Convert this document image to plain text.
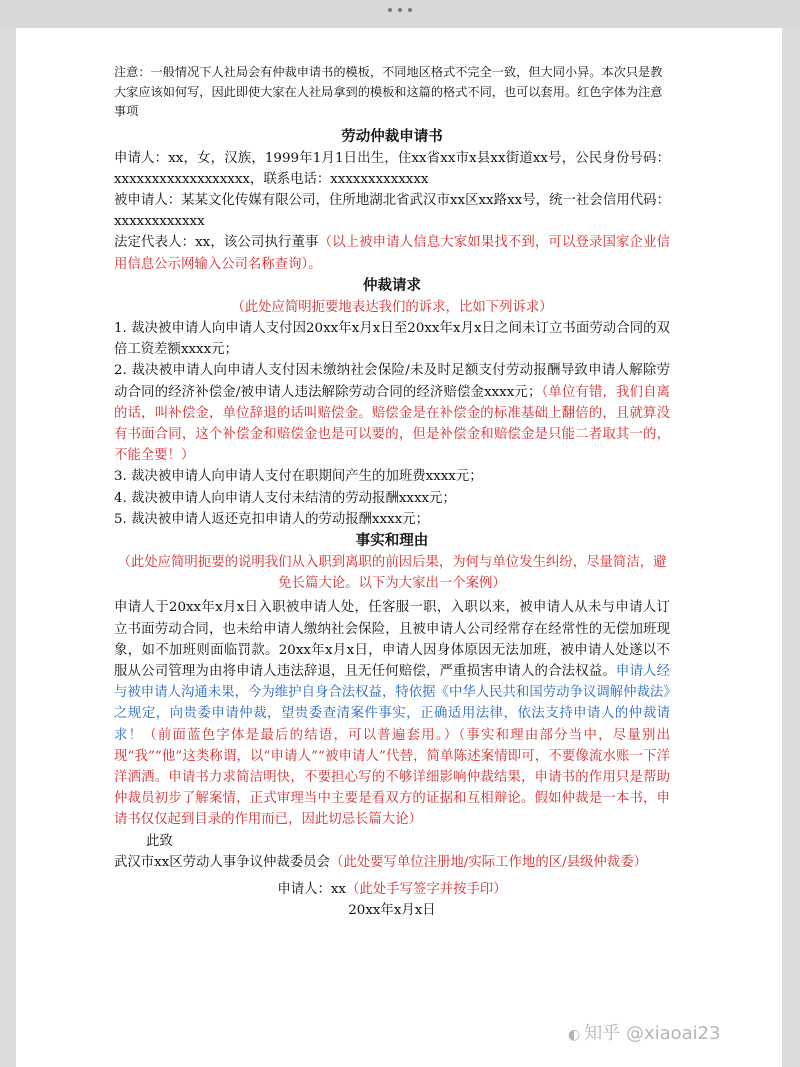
注意：一般情况下人社局会有仲裁申请书的模板，不同地区格式不完全一致，但大同小异。本次只是教大家应该如何写，因此即使大家在人社局拿到的模板和这篇的格式不同，也可以套用。红色字体为注意事项

劳动仲裁申请书

申请人：xx，女，汉族，1999年1月1日出生，住xx省xx市x县xx街道xx号，公民身份号码：xxxxxxxxxxxxxxxxxx，联系电话：xxxxxxxxxxxxx

被申请人：某某文化传媒有限公司，住所地湖北省武汉市xx区xx路xx号，统一社会信用代码：xxxxxxxxxxxx

法定代表人：xx，该公司执行董事（以上被申请人信息大家如果找不到，可以登录国家企业信用信息公示网输入公司名称查询）。

仲裁请求

（此处应简明扼要地表达我们的诉求，比如下列诉求）

1. 裁决被申请人向申请人支付因20xx年x月x日至20xx年x月x日之间未订立书面劳动合同的双倍工资差额xxxx元；

2. 裁决被申请人向申请人支付因未缴纳社会保险/未及时足额支付劳动报酬导致申请人解除劳动合同的经济补偿金/被申请人违法解除劳动合同的经济赔偿金xxxx元；（单位有错，我们自离的话，叫补偿金，单位辞退的话叫赔偿金。赔偿金是在补偿金的标准基础上翻倍的，且就算没有书面合同，这个补偿金和赔偿金也是可以要的，但是补偿金和赔偿金是只能二者取其一的，不能全要！）

3. 裁决被申请人向申请人支付在职期间产生的加班费xxxx元；

4. 裁决被申请人向申请人支付未结清的劳动报酬xxxx元；

5. 裁决被申请人返还克扣申请人的劳动报酬xxxx元；

事实和理由

（此处应简明扼要的说明我们从入职到离职的前因后果，为何与单位发生纠纷，尽量简洁，避免长篇大论。以下为大家出一个案例）

申请人于20xx年x月x日入职被申请人处，任客服一职，入职以来，被申请人从未与申请人订立书面劳动合同，也未给申请人缴纳社会保险，且被申请人公司经常存在经常性的无偿加班现象，如不加班则面临罚款。20xx年x月x日，申请人因身体原因无法加班，被申请人处遂以不服从公司管理为由将申请人违法辞退，且无任何赔偿，严重损害申请人的合法权益。申请人经与被申请人沟通未果，今为维护自身合法权益，特依据《中华人民共和国劳动争议调解仲裁法》之规定，向贵委申请仲裁，望贵委查清案件事实，正确适用法律，依法支持申请人的仲裁请求！（前面蓝色字体是最后的结语，可以普遍套用。）（事实和理由部分当中，尽量别出现“我”“他”这类称谓，以“申请人”“被申请人”代替，简单陈述案情即可，不要像流水账一下洋洋洒洒。申请书力求简洁明快，不要担心写的不够详细影响仲裁结果，申请书的作用只是帮助仲裁员初步了解案情，正式审理当中主要是看双方的证据和互相辩论。假如仲裁是一本书，申请书仅仅起到目录的作用而已，因此切忌长篇大论）

此致

武汉市xx区劳动人事争议仲裁委员会（此处要写单位注册地/实际工作地的区/县级仲裁委）

申请人：xx（此处手写签字并按手印）

20xx年x月x日

◐ 知乎 @xiaoai23
